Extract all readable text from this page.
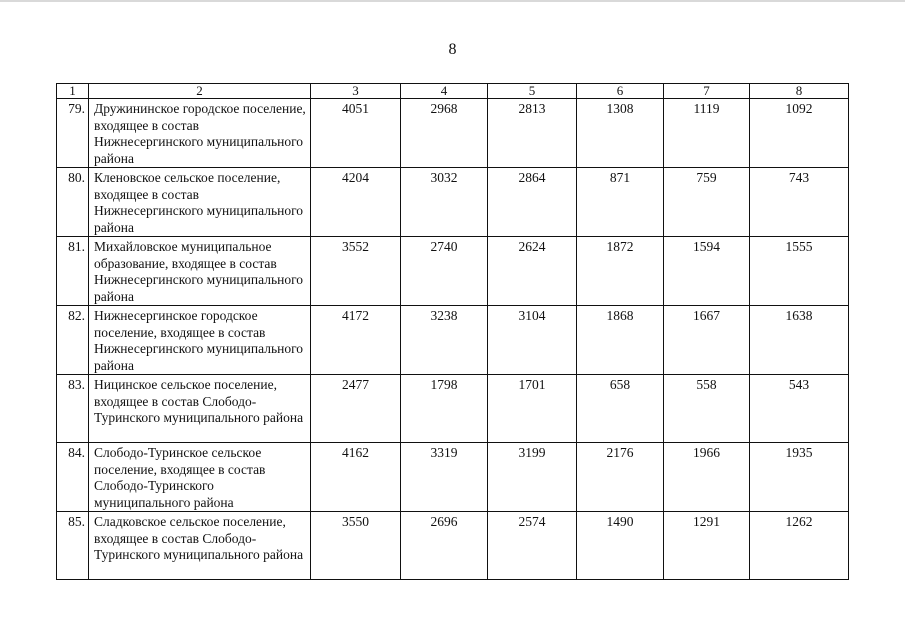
8
1	2	3	4	5	6	7	8
79.	Дружининское городское поселение, входящее в состав Нижнесергинского муниципального района	4051	2968	2813	1308	1119	1092
80.	Кленовское сельское поселение, входящее в состав Нижнесергинского муниципального района	4204	3032	2864	871	759	743
81.	Михайловское муниципальное образование, входящее в состав Нижнесергинского муниципального района	3552	2740	2624	1872	1594	1555
82.	Нижнесергинское городское поселение, входящее в состав Нижнесергинского муниципального района	4172	3238	3104	1868	1667	1638
83.	Ницинское сельское поселение, входящее в состав Слободо-Туринского муниципального района	2477	1798	1701	658	558	543
84.	Слободо-Туринское сельское поселение, входящее в состав Слободо-Туринского муниципального района	4162	3319	3199	2176	1966	1935
85.	Сладковское сельское поселение, входящее в состав Слободо-Туринского муниципального района	3550	2696	2574	1490	1291	1262
